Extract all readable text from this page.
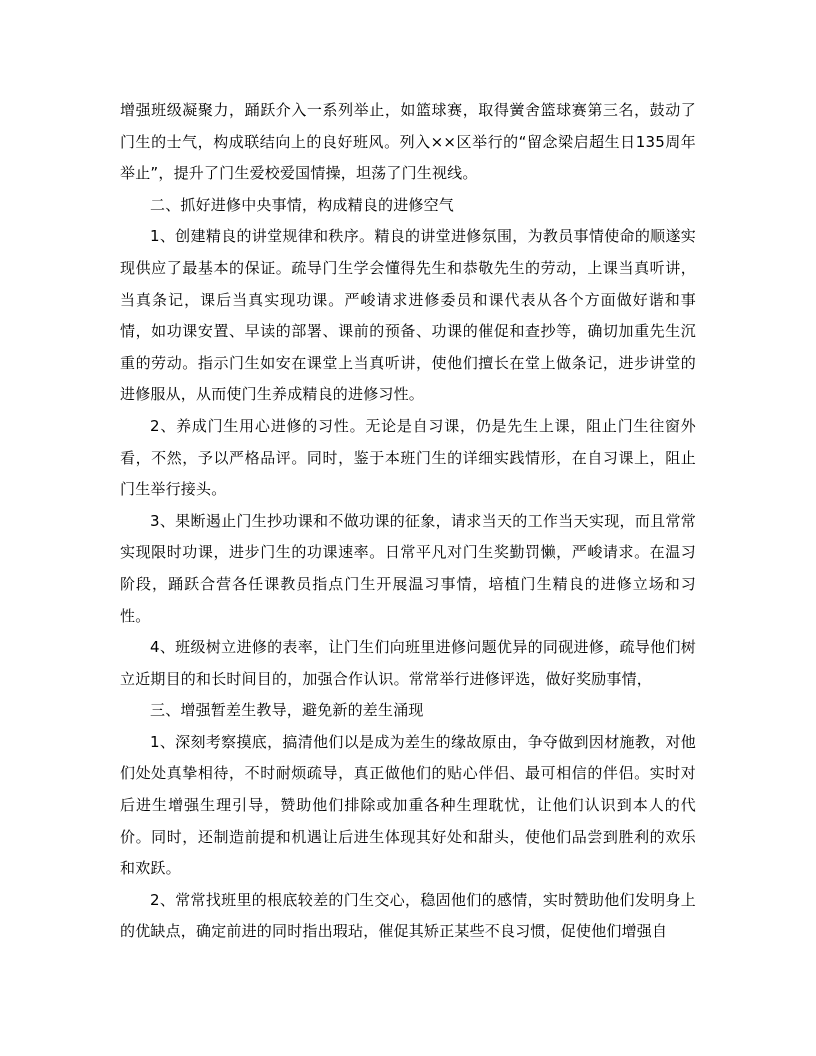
增强班级凝聚力，踊跃介入一系列举止，如篮球赛，取得黉舍篮球赛第三名，鼓动了门生的士气，构成联结向上的良好班风。列入××区举行的“留念梁启超生日135周年举止”，提升了门生爱校爱国情操，坦荡了门生视线。

二、抓好进修中央事情，构成精良的进修空气

1、创建精良的讲堂规律和秩序。精良的讲堂进修氛围，为教员事情使命的顺遂实现供应了最基本的保证。疏导门生学会懂得先生和恭敬先生的劳动，上课当真听讲，当真条记，课后当真实现功课。严峻请求进修委员和课代表从各个方面做好谐和事情，如功课安置、早读的部署、课前的预备、功课的催促和查抄等，确切加重先生沉重的劳动。指示门生如安在课堂上当真听讲，使他们擅长在堂上做条记，进步讲堂的进修服从，从而使门生养成精良的进修习性。

2、养成门生用心进修的习性。无论是自习课，仍是先生上课，阻止门生往窗外看，不然，予以严格品评。同时，鉴于本班门生的详细实践情形，在自习课上，阻止门生举行接头。

3、果断遏止门生抄功课和不做功课的征象，请求当天的工作当天实现，而且常常实现限时功课，进步门生的功课速率。日常平凡对门生奖勤罚懒，严峻请求。在温习阶段，踊跃合营各任课教员指点门生开展温习事情，培植门生精良的进修立场和习性。

4、班级树立进修的表率，让门生们向班里进修问题优异的同砚进修，疏导他们树立近期目的和长时间目的，加强合作认识。常常举行进修评选，做好奖励事情，

三、增强暂差生教导，避免新的差生涌现

1、深刻考察摸底，搞清他们以是成为差生的缘故原由，争夺做到因材施教，对他们处处真挚相待，不时耐烦疏导，真正做他们的贴心伴侣、最可相信的伴侣。实时对后进生增强生理引导，赞助他们排除或加重各种生理耽忧，让他们认识到本人的代价。同时，还制造前提和机遇让后进生体现其好处和甜头，使他们品尝到胜利的欢乐和欢跃。

2、常常找班里的根底较差的门生交心，稳固他们的感情，实时赞助他们发明身上的优缺点，确定前进的同时指出瑕玷，催促其矫正某些不良习惯，促使他们增强自
